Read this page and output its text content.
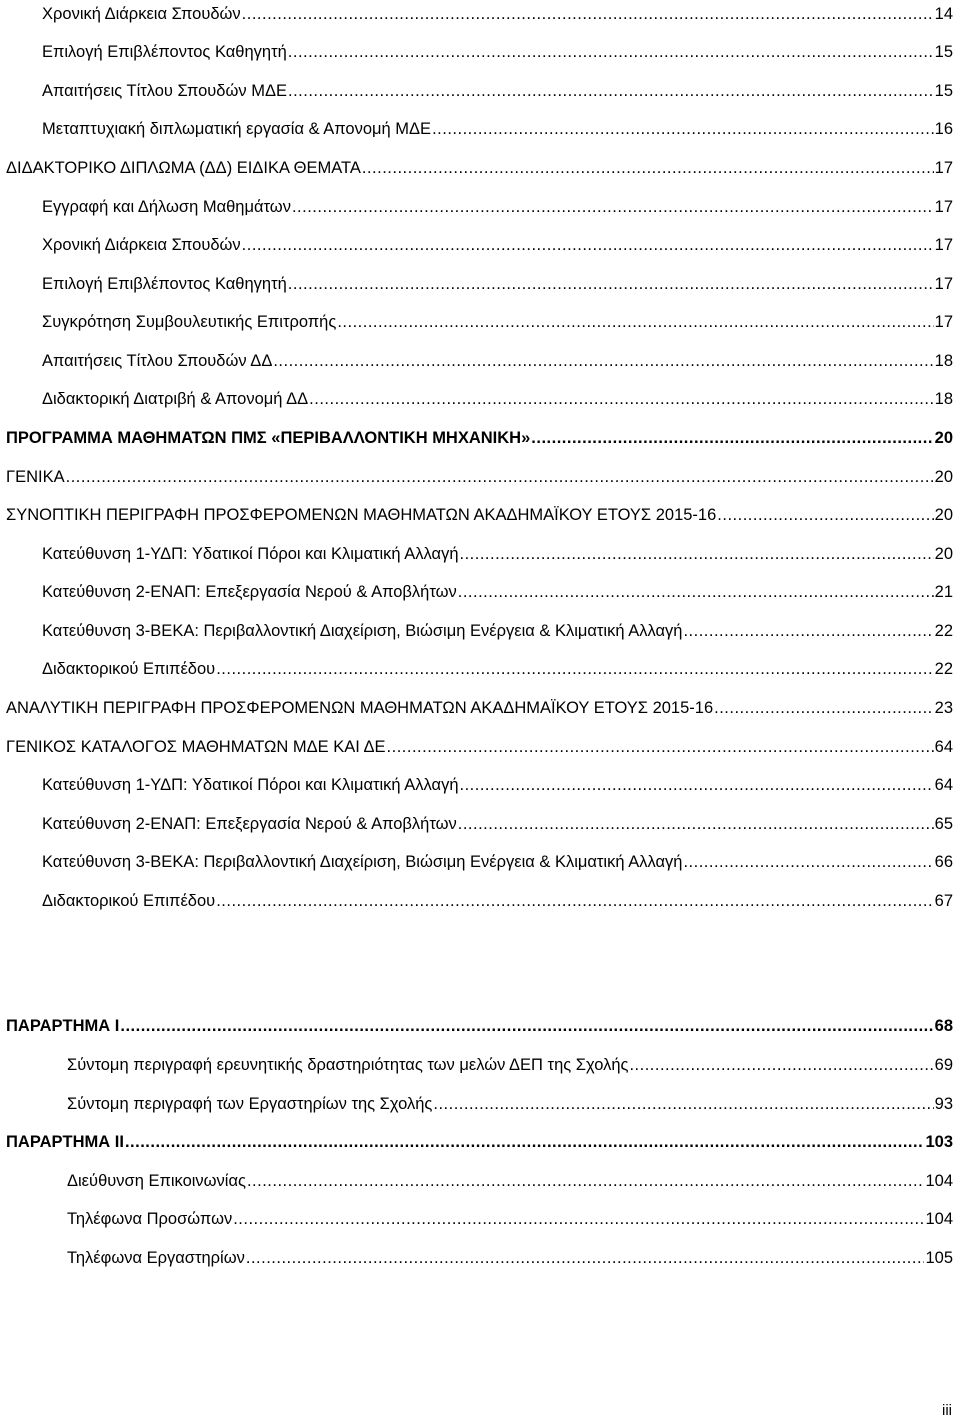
Χρονική Διάρκεια Σπουδών .....	14
Επιλογή Επιβλέποντος Καθηγητή .....	15
Απαιτήσεις Τίτλου Σπουδών ΜΔΕ .....	15
Μεταπτυχιακή διπλωματική εργασία & Απονομή ΜΔΕ .....	16
ΔΙΔΑΚΤΟΡΙΚΟ ΔΙΠΛΩΜΑ (ΔΔ) ΕΙΔΙΚΑ ΘΕΜΑΤΑ .....	17
Εγγραφή και Δήλωση Μαθημάτων .....	17
Χρονική Διάρκεια Σπουδών .....	17
Επιλογή Επιβλέποντος Καθηγητή .....	17
Συγκρότηση Συμβουλευτικής Επιτροπής .....	17
Απαιτήσεις Τίτλου Σπουδών ΔΔ .....	18
Διδακτορική Διατριβή & Απονομή ΔΔ .....	18
ΠΡΟΓΡΑΜΜΑ ΜΑΘΗΜΑΤΩΝ ΠΜΣ «ΠΕΡΙΒΑΛΛΟΝΤΙΚΗ ΜΗΧΑΝΙΚΗ» .....	20
ΓΕΝΙΚΑ .....	20
ΣΥΝΟΠΤΙΚΗ ΠΕΡΙΓΡΑΦΗ ΠΡΟΣΦΕΡΟΜΕΝΩΝ ΜΑΘΗΜΑΤΩΝ ΑΚΑΔΗΜΑΪΚΟΥ ΕΤΟΥΣ 2015-16 .....	20
Κατεύθυνση 1-ΥΔΠ: Υδατικοί Πόροι και Κλιματική Αλλαγή .....	20
Κατεύθυνση 2-ΕΝΑΠ: Επεξεργασία Νερού & Αποβλήτων .....	21
Κατεύθυνση 3-ΒΕΚΑ: Περιβαλλοντική Διαχείριση, Βιώσιμη Ενέργεια & Κλιματική Αλλαγή .....	22
Διδακτορικού Επιπέδου .....	22
ΑΝΑΛΥΤΙΚΗ ΠΕΡΙΓΡΑΦΗ ΠΡΟΣΦΕΡΟΜΕΝΩΝ ΜΑΘΗΜΑΤΩΝ ΑΚΑΔΗΜΑΪΚΟΥ ΕΤΟΥΣ 2015-16 .....	23
ΓΕΝΙΚΟΣ ΚΑΤΑΛΟΓΟΣ ΜΑΘΗΜΑΤΩΝ ΜΔΕ ΚΑΙ ΔΕ .....	64
Κατεύθυνση 1-ΥΔΠ: Υδατικοί Πόροι και Κλιματική Αλλαγή .....	64
Κατεύθυνση 2-ΕΝΑΠ: Επεξεργασία Νερού & Αποβλήτων .....	65
Κατεύθυνση 3-ΒΕΚΑ: Περιβαλλοντική Διαχείριση, Βιώσιμη Ενέργεια & Κλιματική Αλλαγή .....	66
Διδακτορικού Επιπέδου .....	67
ΠΑΡΑΡΤΗΜΑ Ι .....	68
Σύντομη περιγραφή ερευνητικής δραστηριότητας των μελών ΔΕΠ της Σχολής .....	69
Σύντομη περιγραφή των Εργαστηρίων της Σχολής .....	93
ΠΑΡΑΡΤΗΜΑ ΙΙ .....	103
Διεύθυνση Επικοινωνίας .....	104
Τηλέφωνα Προσώπων .....	104
Τηλέφωνα Εργαστηρίων .....	105
iii
